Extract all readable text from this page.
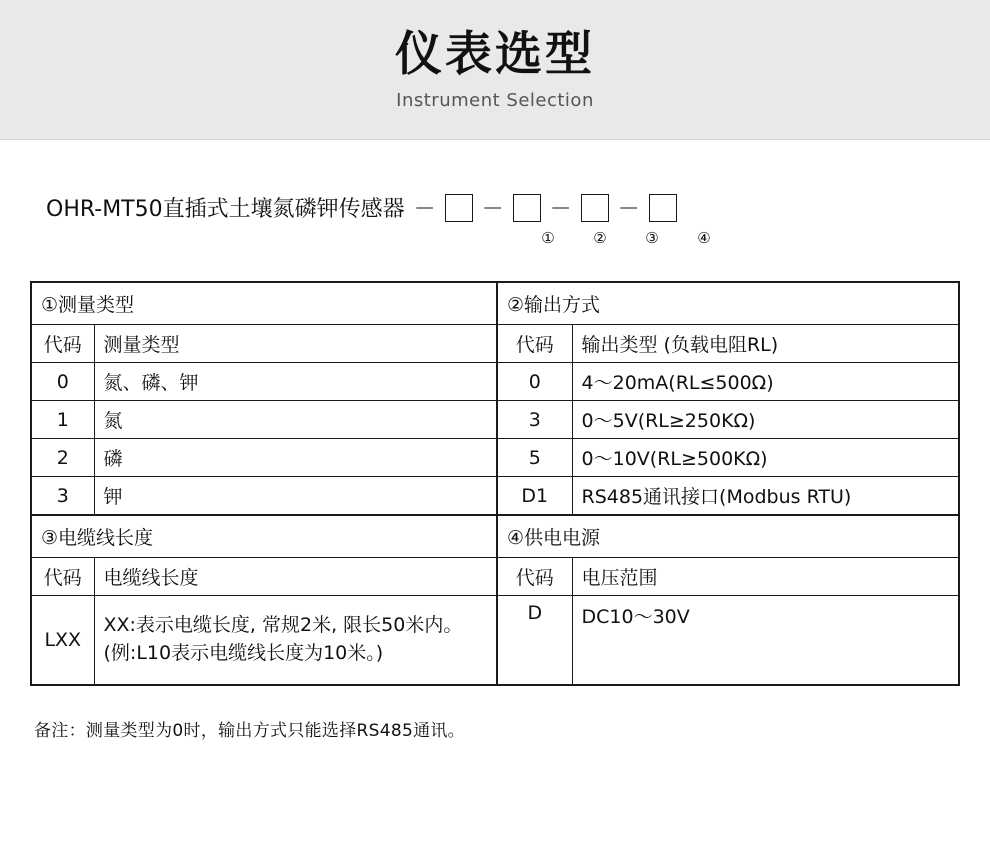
仪表选型
Instrument Selection
OHR-MT50直插式土壤氮磷钾传感器 － － － －
①	②	③	④
①测量类型		②输出方式	
代码	测量类型	代码	输出类型 (负载电阻RL)
0	氮、磷、钾	0	4～20mA(RL≤500Ω)
1	氮	3	0～5V(RL≥250KΩ)
2	磷	5	0～10V(RL≥500KΩ)
3	钾	D1	RS485通讯接口(Modbus RTU)
③电缆线长度		④供电电源	
代码	电缆线长度	代码	电压范围
LXX	XX:表示电缆长度, 常规2米, 限长50米内。(例:L10表示电缆线长度为10米。)	D	DC10～30V
备注：测量类型为0时，输出方式只能选择RS485通讯。
